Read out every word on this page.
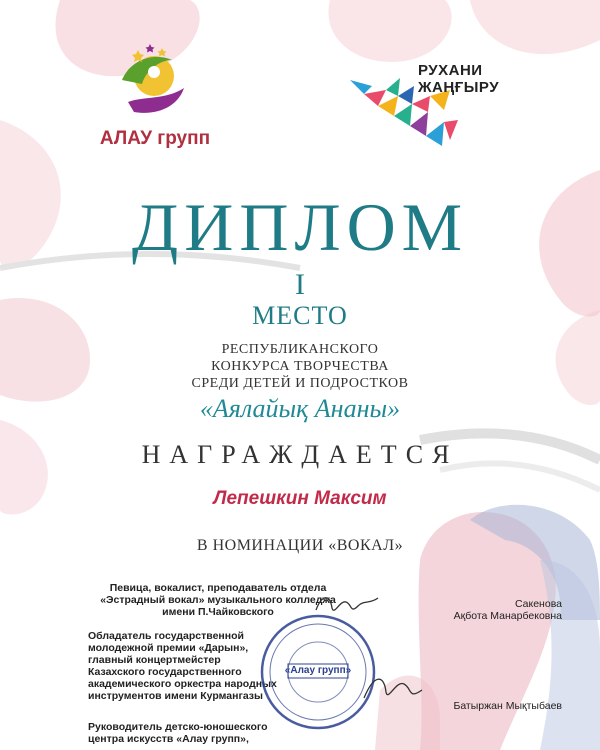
АЛАУ групп
РУХАНИ
ЖАҢҒЫРУ
ДИПЛОМ
I
МЕСТО
РЕСПУБЛИКАНСКОГО
КОНКУРСА ТВОРЧЕСТВА
СРЕДИ ДЕТЕЙ И ПОДРОСТКОВ
«Аялайық Ананы»
НАГРАЖДАЕТСЯ
Лепешкин Максим
В НОМИНАЦИИ «ВОКАЛ»
Певица, вокалист, преподаватель отдела
«Эстрадный вокал» музыкального колледжа
имени П.Чайковского
Сакенова
Ақбота Манарбековна
Обладатель государственной
молодежной премии «Дарын»,
главный концертмейстер
Казахского государственного
академического оркестра народных
инструментов имени Курмангазы
Батыржан Мықтыбаев
Руководитель детско-юношеского
центра искусств «Алау групп»,
«Алау групп»
